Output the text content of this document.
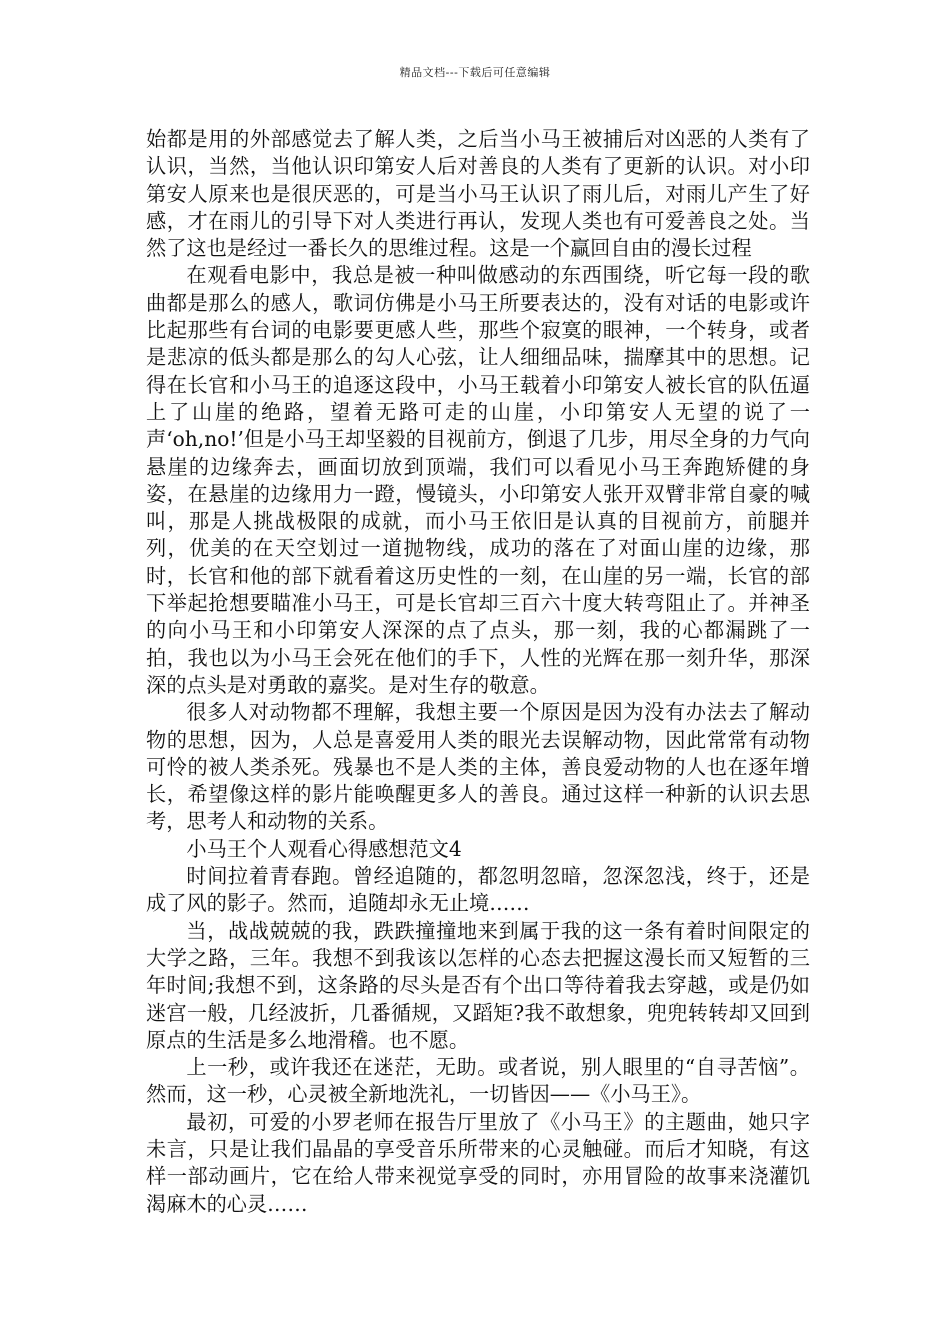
精品文档---下载后可任意编辑

始都是用的外部感觉去了解人类，之后当小马王被捕后对凶恶的人类有了认识，当然，当他认识印第安人后对善良的人类有了更新的认识。对小印第安人原来也是很厌恶的，可是当小马王认识了雨儿后，对雨儿产生了好感，才在雨儿的引导下对人类进行再认，发现人类也有可爱善良之处。当然了这也是经过一番长久的思维过程。这是一个赢回自由的漫长过程

在观看电影中，我总是被一种叫做感动的东西围绕，听它每一段的歌曲都是那么的感人，歌词仿佛是小马王所要表达的，没有对话的电影或许比起那些有台词的电影要更感人些，那些个寂寞的眼神，一个转身，或者是悲凉的低头都是那么的勾人心弦，让人细细品味，揣摩其中的思想。记得在长官和小马王的追逐这段中，小马王载着小印第安人被长官的队伍逼上了山崖的绝路，望着无路可走的山崖，小印第安人无望的说了一声‘oh,no!’但是小马王却坚毅的目视前方，倒退了几步，用尽全身的力气向悬崖的边缘奔去，画面切放到顶端，我们可以看见小马王奔跑矫健的身姿，在悬崖的边缘用力一蹬，慢镜头，小印第安人张开双臂非常自豪的喊叫，那是人挑战极限的成就，而小马王依旧是认真的目视前方，前腿并列，优美的在天空划过一道抛物线，成功的落在了对面山崖的边缘，那时，长官和他的部下就看着这历史性的一刻，在山崖的另一端，长官的部下举起抢想要瞄准小马王，可是长官却三百六十度大转弯阻止了。并神圣的向小马王和小印第安人深深的点了点头，那一刻，我的心都漏跳了一拍，我也以为小马王会死在他们的手下，人性的光辉在那一刻升华，那深深的点头是对勇敢的嘉奖。是对生存的敬意。

很多人对动物都不理解，我想主要一个原因是因为没有办法去了解动物的思想，因为，人总是喜爱用人类的眼光去误解动物，因此常常有动物可怜的被人类杀死。残暴也不是人类的主体，善良爱动物的人也在逐年增长，希望像这样的影片能唤醒更多人的善良。通过这样一种新的认识去思考，思考人和动物的关系。

小马王个人观看心得感想范文4

时间拉着青春跑。曾经追随的，都忽明忽暗，忽深忽浅，终于，还是成了风的影子。然而，追随却永无止境……

当，战战兢兢的我，跌跌撞撞地来到属于我的这一条有着时间限定的大学之路，三年。我想不到我该以怎样的心态去把握这漫长而又短暂的三年时间;我想不到，这条路的尽头是否有个出口等待着我去穿越，或是仍如迷宫一般，几经波折，几番循规，又蹈矩?我不敢想象，兜兜转转却又回到原点的生活是多么地滑稽。也不愿。

上一秒，或许我还在迷茫，无助。或者说，别人眼里的“自寻苦恼”。然而，这一秒，心灵被全新地洗礼，一切皆因——《小马王》。

最初，可爱的小罗老师在报告厅里放了《小马王》的主题曲，她只字未言，只是让我们晶晶的享受音乐所带来的心灵触碰。而后才知晓，有这样一部动画片，它在给人带来视觉享受的同时，亦用冒险的故事来浇灌饥渴麻木的心灵……
